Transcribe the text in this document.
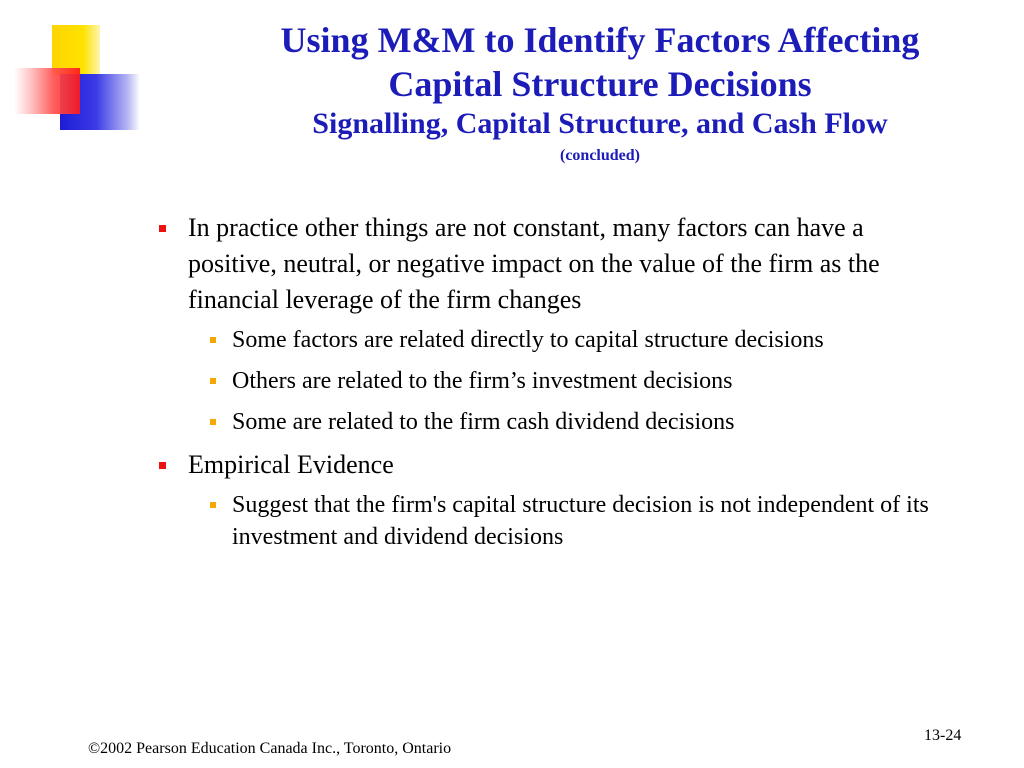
Using M&M to Identify Factors Affecting

Capital Structure Decisions

Signalling, Capital Structure, and Cash Flow

(concluded)
In practice other things are not constant, many factors can have a positive, neutral, or negative impact on the value of the firm as the financial leverage of the firm changes
Some factors are related directly to capital structure decisions
Others are related to the firm’s investment decisions
Some are related to the firm cash dividend decisions
Empirical Evidence
Suggest that the firm's capital structure decision is not independent of its investment and dividend decisions
13-24
©2002 Pearson Education Canada Inc., Toronto, Ontario
